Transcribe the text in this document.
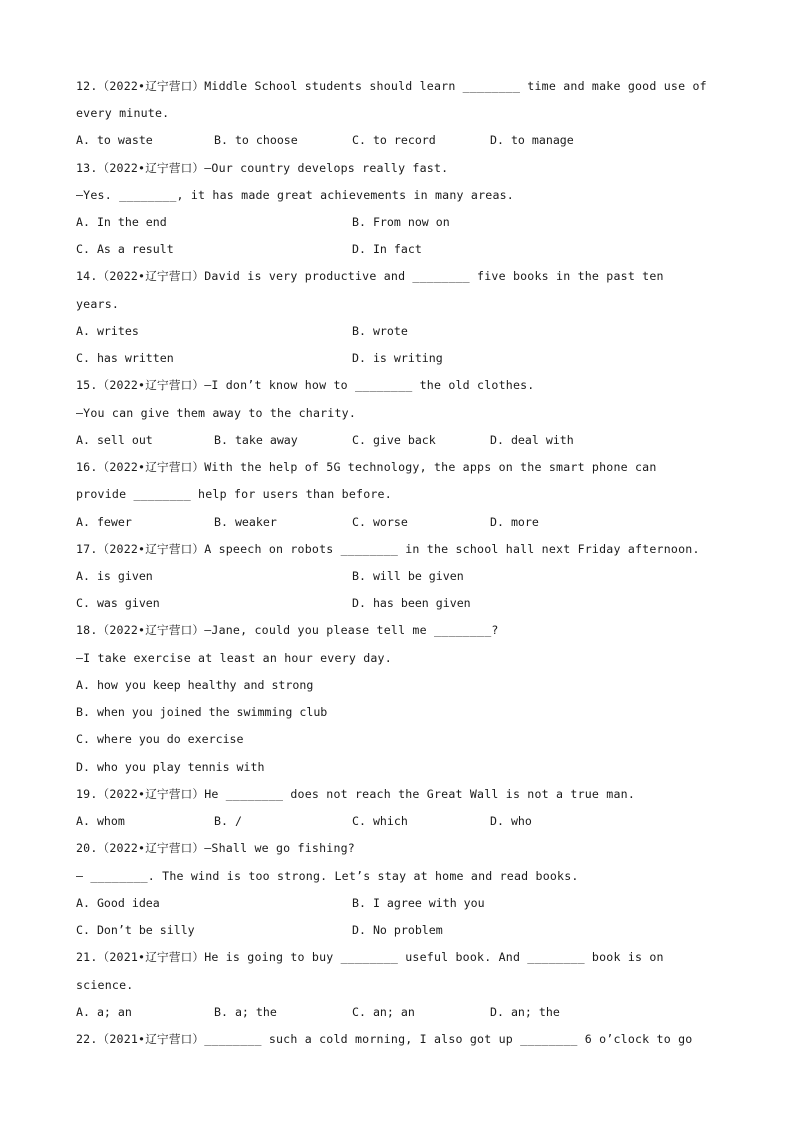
12.（2022•辽宁营口）Middle School students should learn ________ time and make good use of
every minute.
A. to waste	B. to choose	C. to record	D. to manage
13.（2022•辽宁营口）—Our country develops really fast.
—Yes. ________, it has made great achievements in many areas.
A. In the end	B. From now on
C. As a result	D. In fact
14.（2022•辽宁营口）David is very productive and ________ five books in the past ten
years.
A. writes	B. wrote
C. has written	D. is writing
15.（2022•辽宁营口）—I don’t know how to ________ the old clothes.
—You can give them away to the charity.
A. sell out	B. take away	C. give back	D. deal with
16.（2022•辽宁营口）With the help of 5G technology, the apps on the smart phone can
provide ________ help for users than before.
A. fewer	B. weaker	C. worse	D. more
17.（2022•辽宁营口）A speech on robots ________ in the school hall next Friday afternoon.
A. is given	B. will be given
C. was given	D. has been given
18.（2022•辽宁营口）—Jane, could you please tell me ________?
—I take exercise at least an hour every day.
A. how you keep healthy and strong
B. when you joined the swimming club
C. where you do exercise
D. who you play tennis with
19.（2022•辽宁营口）He ________ does not reach the Great Wall is not a true man.
A. whom	B. /	C. which	D. who
20.（2022•辽宁营口）—Shall we go fishing?
— ________. The wind is too strong. Let’s stay at home and read books.
A. Good idea	B. I agree with you
C. Don’t be silly	D. No problem
21.（2021•辽宁营口）He is going to buy ________ useful book. And ________ book is on
science.
A. a; an	B. a; the	C. an; an	D. an; the
22.（2021•辽宁营口）________ such a cold morning, I also got up ________ 6 o’clock to go
